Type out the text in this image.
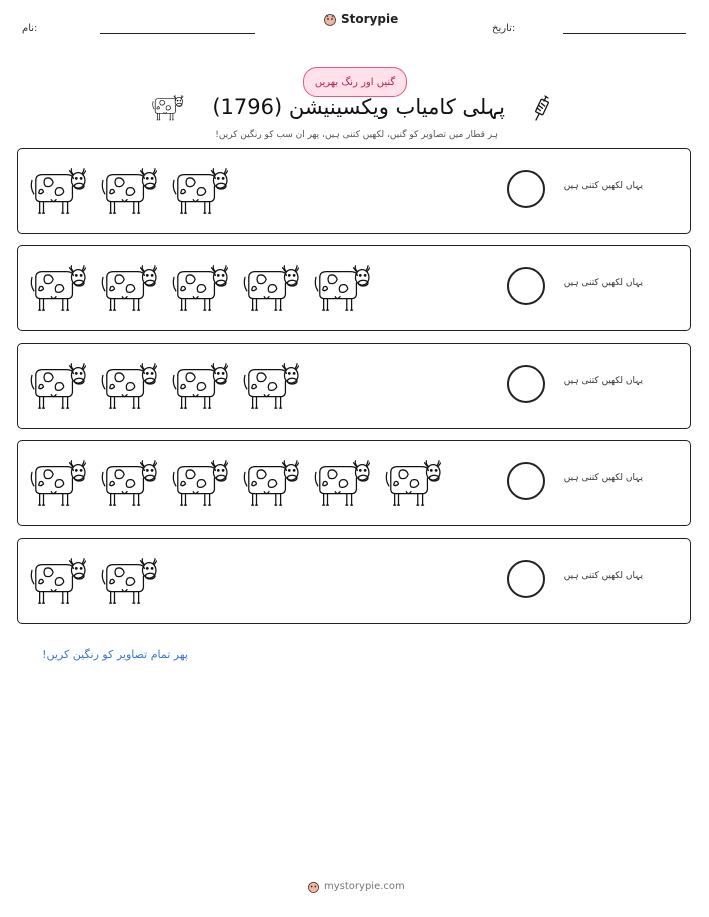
نام:
Storypie
تاریخ:
گنیں اور رنگ بھریں
پہلی کامیاب ویکسینیشن (1796)
ہر قطار میں تصاویر کو گنیں، لکھیں کتنی ہیں، پھر ان سب کو رنگین کریں!
یہاں لکھیں کتنی ہیں
یہاں لکھیں کتنی ہیں
یہاں لکھیں کتنی ہیں
یہاں لکھیں کتنی ہیں
یہاں لکھیں کتنی ہیں
پھر تمام تصاویر کو رنگین کریں!
mystorypie.com
